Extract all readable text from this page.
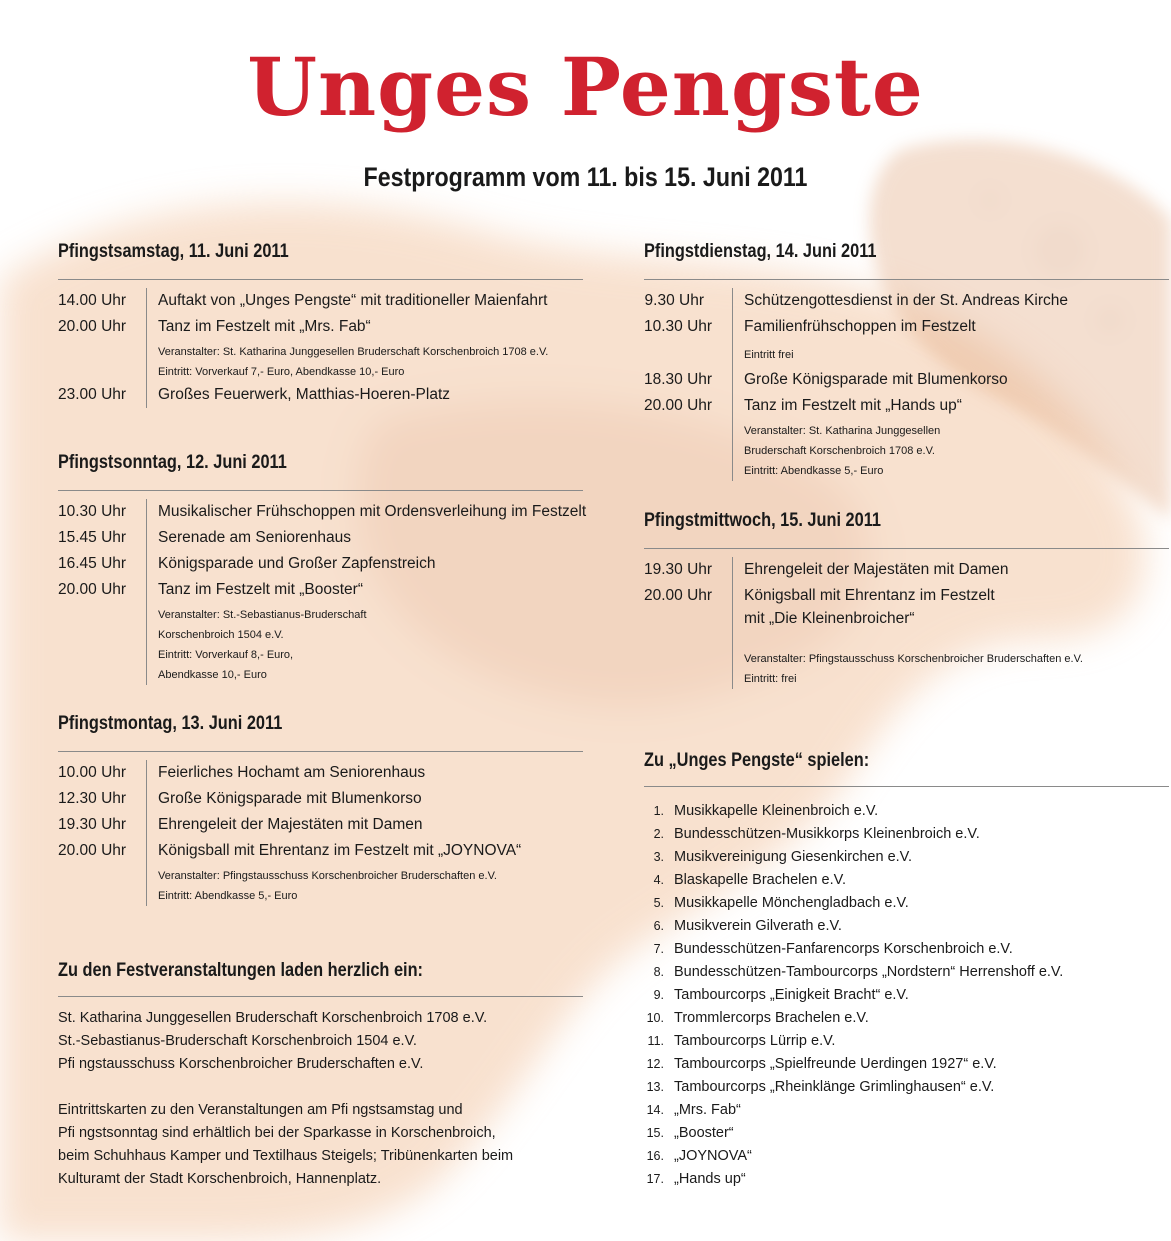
Unges Pengste
Festprogramm vom 11. bis 15. Juni 2011
Pfingstsamstag, 11. Juni 2011
14.00 Uhr Auftakt von „Unges Pengste“ mit traditioneller Maienfahrt
20.00 Uhr Tanz im Festzelt mit „Mrs. Fab“
Veranstalter: St. Katharina Junggesellen Bruderschaft Korschenbroich 1708 e.V.
Eintritt: Vorverkauf 7,- Euro, Abendkasse 10,- Euro
23.00 Uhr Großes Feuerwerk, Matthias-Hoeren-Platz
Pfingstsonntag, 12. Juni 2011
10.30 Uhr Musikalischer Frühschoppen mit Ordensverleihung im Festzelt
15.45 Uhr Serenade am Seniorenhaus
16.45 Uhr Königsparade und Großer Zapfenstreich
20.00 Uhr Tanz im Festzelt mit „Booster“
Veranstalter: St.-Sebastianus-Bruderschaft
Korschenbroich 1504 e.V.
Eintritt: Vorverkauf 8,- Euro,
Abendkasse 10,- Euro
Pfingstmontag, 13. Juni 2011
10.00 Uhr Feierliches Hochamt am Seniorenhaus
12.30 Uhr Große Königsparade mit Blumenkorso
19.30 Uhr Ehrengeleit der Majestäten mit Damen
20.00 Uhr Königsball mit Ehrentanz im Festzelt mit „JOYNOVA“
Veranstalter: Pfingstausschuss Korschenbroicher Bruderschaften e.V.
Eintritt: Abendkasse 5,- Euro
Zu den Festveranstaltungen laden herzlich ein:
St. Katharina Junggesellen Bruderschaft Korschenbroich 1708 e.V.
St.-Sebastianus-Bruderschaft Korschenbroich 1504 e.V.
Pfi ngstausschuss Korschenbroicher Bruderschaften e.V.
Eintrittskarten zu den Veranstaltungen am Pfi ngstsamstag und
Pfi ngstsonntag sind erhältlich bei der Sparkasse in Korschenbroich,
beim Schuhhaus Kamper und Textilhaus Steigels; Tribünenkarten beim
Kulturamt der Stadt Korschenbroich, Hannenplatz.
Pfingstdienstag, 14. Juni 2011
9.30 Uhr	Schützengottesdienst in der St. Andreas Kirche
10.30 Uhr Familienfrühschoppen im Festzelt
Eintritt frei
18.30 Uhr Große Königsparade mit Blumenkorso
20.00 Uhr Tanz im Festzelt mit „Hands up“
Veranstalter: St. Katharina Junggesellen
Bruderschaft Korschenbroich 1708 e.V.
Eintritt: Abendkasse 5,- Euro
Pfingstmittwoch, 15. Juni 2011
19.30 Uhr Ehrengeleit der Majestäten mit Damen
20.00 Uhr Königsball mit Ehrentanz im Festzelt
mit „Die Kleinenbroicher“
Veranstalter: Pfingstausschuss Korschenbroicher Bruderschaften e.V.
Eintritt: frei
Zu „Unges Pengste“ spielen:
1. Musikkapelle Kleinenbroich e.V.
2. Bundesschützen-Musikkorps Kleinenbroich e.V.
3. Musikvereinigung Giesenkirchen e.V.
4. Blaskapelle Brachelen e.V.
5. Musikkapelle Mönchengladbach e.V.
6. Musikverein Gilverath e.V.
7. Bundesschützen-Fanfarencorps Korschenbroich e.V.
8. Bundesschützen-Tambourcorps „Nordstern“ Herrenshoff e.V.
9. Tambourcorps „Einigkeit Bracht“ e.V.
10. Trommlercorps Brachelen e.V.
11. Tambourcorps Lürrip e.V.
12. Tambourcorps „Spielfreunde Uerdingen 1927“ e.V.
13. Tambourcorps „Rheinklänge Grimlinghausen“ e.V.
14. „Mrs. Fab“
15. „Booster“
16. „JOYNOVA“
17. „Hands up“
